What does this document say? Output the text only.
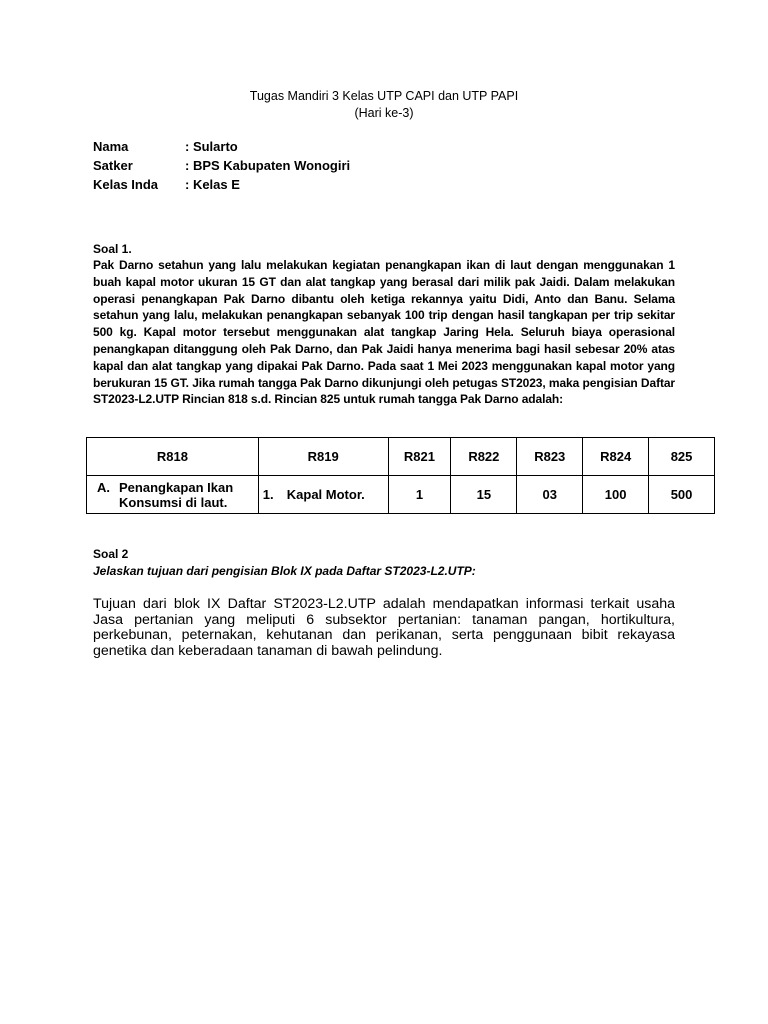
Tugas Mandiri 3 Kelas UTP CAPI dan UTP PAPI
(Hari ke-3)
Nama	: Sularto
Satker	: BPS Kabupaten Wonogiri
Kelas Inda : Kelas E
Soal 1.
Pak Darno setahun yang lalu melakukan kegiatan penangkapan ikan di laut dengan menggunakan 1 buah kapal motor ukuran 15 GT dan alat tangkap yang berasal dari milik pak Jaidi. Dalam melakukan operasi penangkapan Pak Darno dibantu oleh ketiga rekannya yaitu Didi, Anto dan Banu. Selama setahun yang lalu, melakukan penangkapan sebanyak 100 trip dengan hasil tangkapan per trip sekitar 500 kg. Kapal motor tersebut menggunakan alat tangkap Jaring Hela. Seluruh biaya operasional penangkapan ditanggung oleh Pak Darno, dan Pak Jaidi hanya menerima bagi hasil sebesar 20% atas kapal dan alat tangkap yang dipakai Pak Darno. Pada saat 1 Mei 2023 menggunakan kapal motor yang berukuran 15 GT. Jika rumah tangga Pak Darno dikunjungi oleh petugas ST2023, maka pengisian Daftar ST2023-L2.UTP Rincian 818 s.d. Rincian 825 untuk rumah tangga Pak Darno adalah:
R818	R819	R821	R822	R823	R824	825

A. Penangkapan Ikan
Konsumsi di laut.	1. Kapal Motor.	1	15	03	100	500
Soal 2
Jelaskan tujuan dari pengisian Blok IX pada Daftar ST2023-L2.UTP:
Tujuan dari blok IX Daftar ST2023-L2.UTP adalah mendapatkan informasi terkait usaha Jasa pertanian yang meliputi 6 subsektor pertanian: tanaman pangan, hortikultura, perkebunan, peternakan, kehutanan dan perikanan, serta penggunaan bibit rekayasa genetika dan keberadaan tanaman di bawah pelindung.
